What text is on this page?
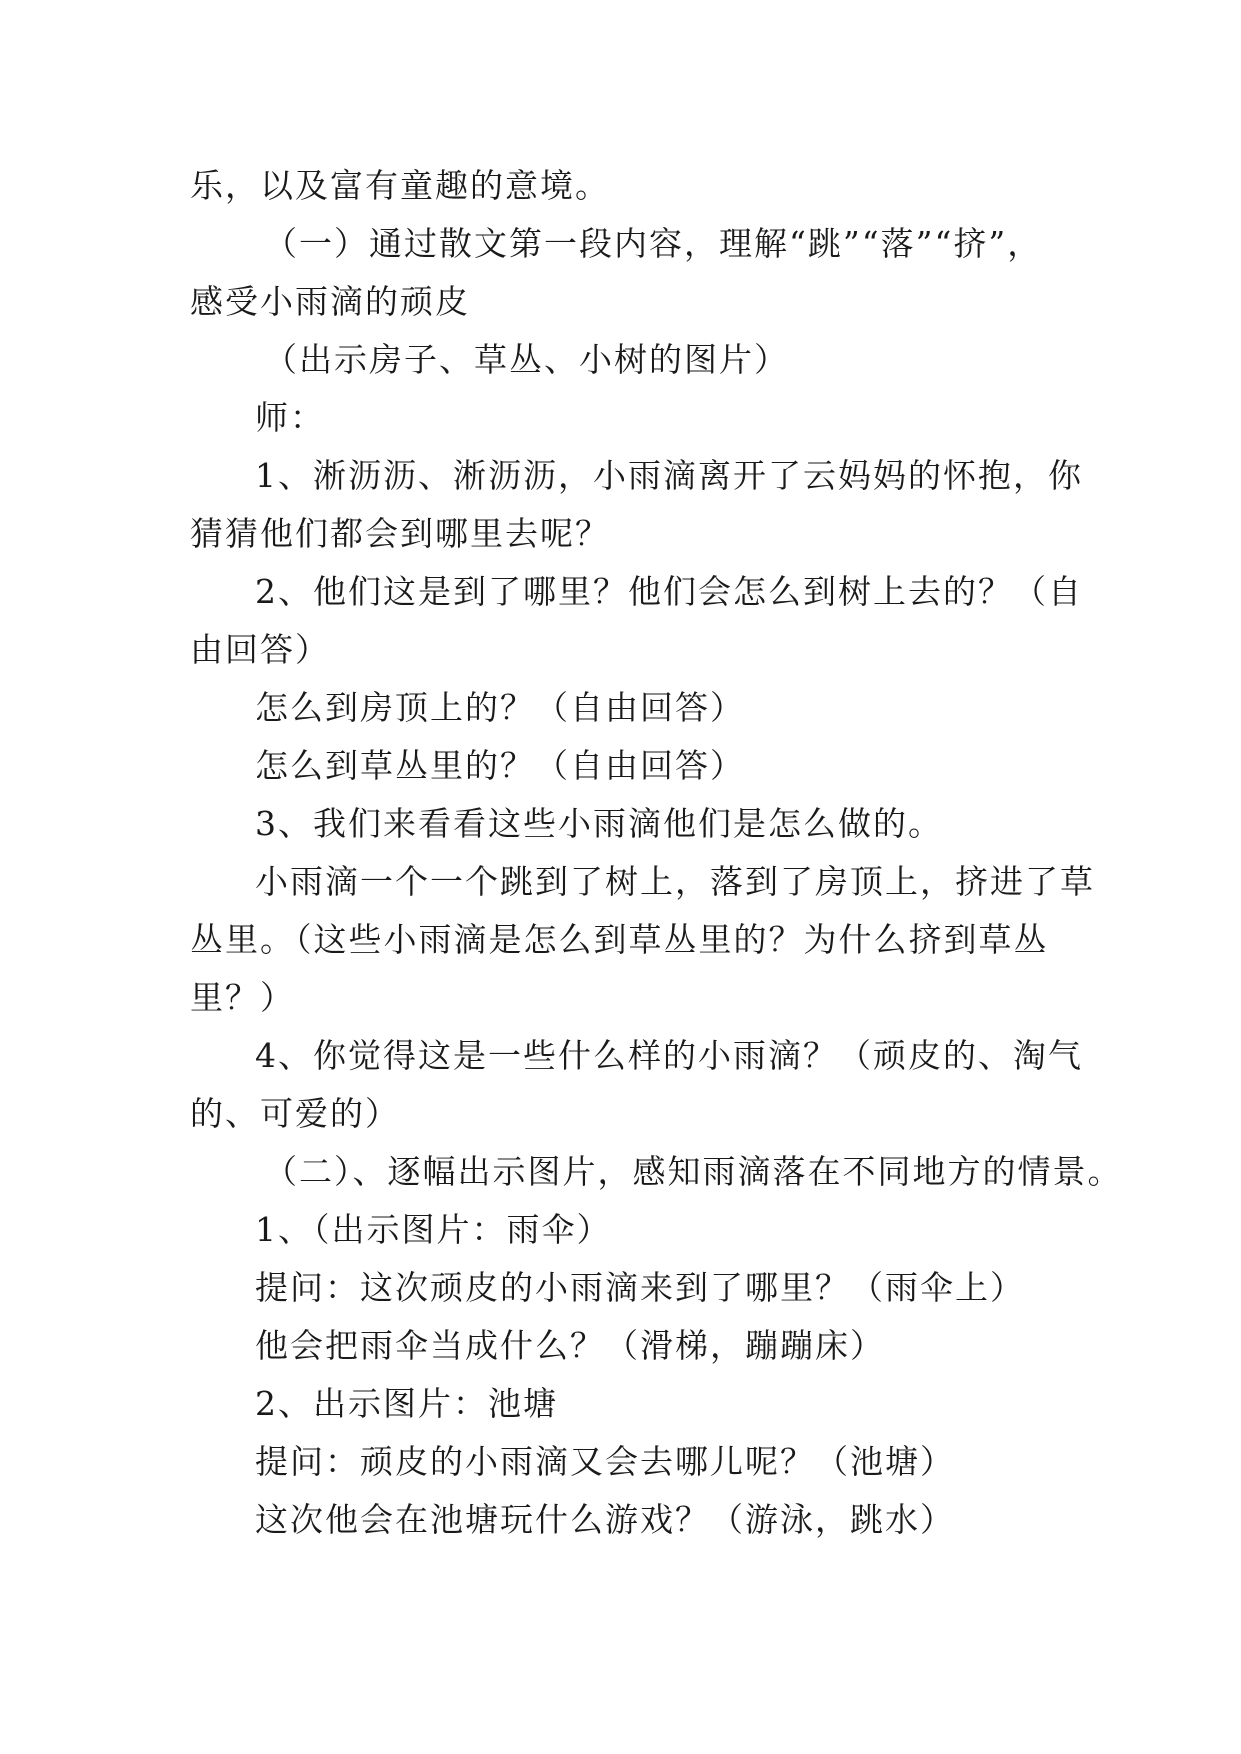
乐，以及富有童趣的意境。
（一）通过散文第一段内容，理解“跳”“落”“挤”，
感受小雨滴的顽皮
（出示房子、草丛、小树的图片）
师：
1、淅沥沥、淅沥沥，小雨滴离开了云妈妈的怀抱，你
猜猜他们都会到哪里去呢？
2、他们这是到了哪里？他们会怎么到树上去的？（自
由回答）
怎么到房顶上的？（自由回答）
怎么到草丛里的？（自由回答）
3、我们来看看这些小雨滴他们是怎么做的。
小雨滴一个一个跳到了树上，落到了房顶上，挤进了草
丛里。（这些小雨滴是怎么到草丛里的？为什么挤到草丛
里？）
4、你觉得这是一些什么样的小雨滴？（顽皮的、淘气
的、可爱的）
（二）、逐幅出示图片，感知雨滴落在不同地方的情景。
1、（出示图片：雨伞）
提问：这次顽皮的小雨滴来到了哪里？（雨伞上）
他会把雨伞当成什么？（滑梯，蹦蹦床）
2、出示图片：池塘
提问：顽皮的小雨滴又会去哪儿呢？（池塘）
这次他会在池塘玩什么游戏？（游泳，跳水）
